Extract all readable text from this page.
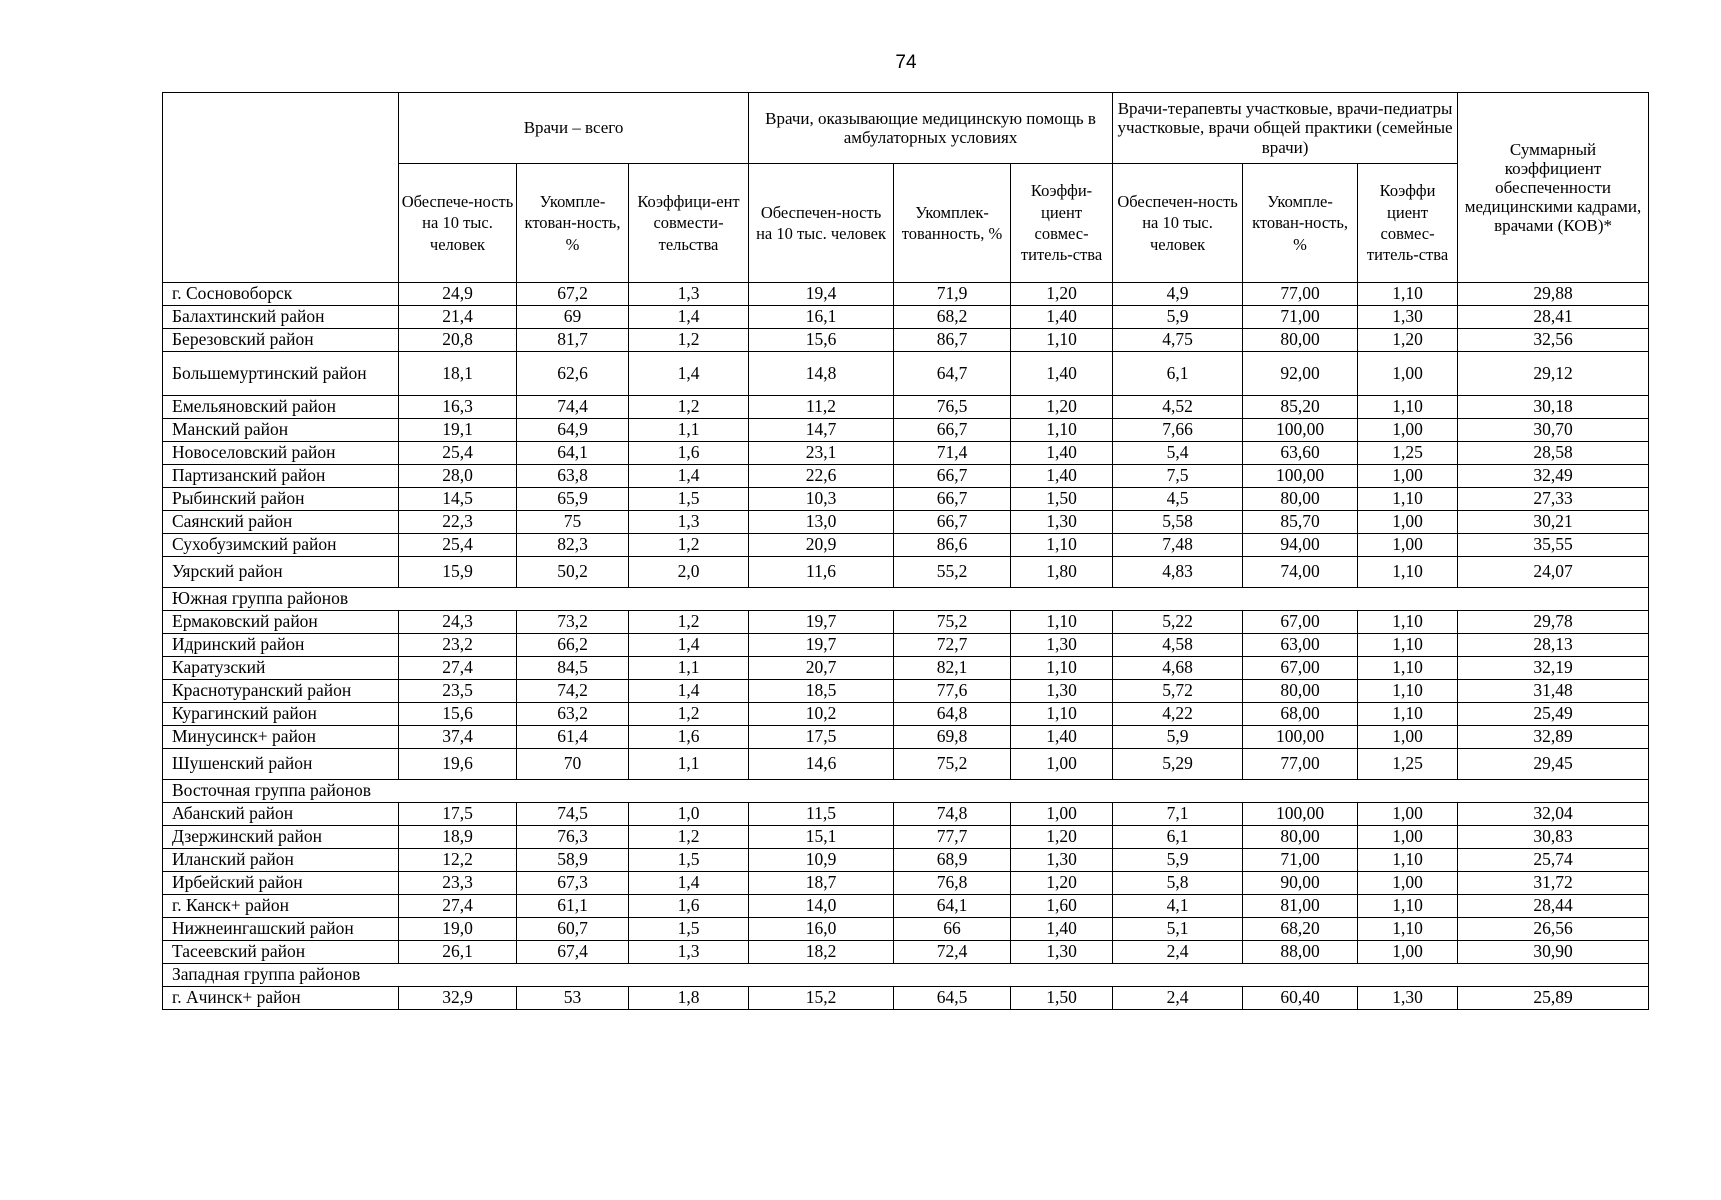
74
	Врачи – всего			Врачи, оказывающие медицинскую помощь в амбулаторных условиях			Врачи-терапевты участковые, врачи-педиатры участковые, врачи общей практики (семейные врачи)			Суммарный коэффициент обеспеченности медицинскими кадрами, врачами (КОВ)*
	Обеспече-ность на 10 тыс. человек	Укомпле-ктован-ность, %	Коэффици-ент совмести-тельства	Обеспечен-ность на 10 тыс. человек	Укомплек-тованность, %	Коэффи-циент совмес-титель-ства	Обеспечен-ность на 10 тыс. человек	Укомпле-ктован-ность, %	Коэффи циент совмес-титель-ства	
г. Сосновоборск	24,9	67,2	1,3	19,4	71,9	1,20	4,9	77,00	1,10	29,88
Балахтинский район	21,4	69	1,4	16,1	68,2	1,40	5,9	71,00	1,30	28,41
Березовский район	20,8	81,7	1,2	15,6	86,7	1,10	4,75	80,00	1,20	32,56
Большемуртинский район	18,1	62,6	1,4	14,8	64,7	1,40	6,1	92,00	1,00	29,12
Емельяновский район	16,3	74,4	1,2	11,2	76,5	1,20	4,52	85,20	1,10	30,18
Манский район	19,1	64,9	1,1	14,7	66,7	1,10	7,66	100,00	1,00	30,70
Новоселовский район	25,4	64,1	1,6	23,1	71,4	1,40	5,4	63,60	1,25	28,58
Партизанский район	28,0	63,8	1,4	22,6	66,7	1,40	7,5	100,00	1,00	32,49
Рыбинский район	14,5	65,9	1,5	10,3	66,7	1,50	4,5	80,00	1,10	27,33
Саянский район	22,3	75	1,3	13,0	66,7	1,30	5,58	85,70	1,00	30,21
Сухобузимский район	25,4	82,3	1,2	20,9	86,6	1,10	7,48	94,00	1,00	35,55
Уярский район	15,9	50,2	2,0	11,6	55,2	1,80	4,83	74,00	1,10	24,07
Южная группа районов										
Ермаковский район	24,3	73,2	1,2	19,7	75,2	1,10	5,22	67,00	1,10	29,78
Идринский район	23,2	66,2	1,4	19,7	72,7	1,30	4,58	63,00	1,10	28,13
Каратузский	27,4	84,5	1,1	20,7	82,1	1,10	4,68	67,00	1,10	32,19
Краснотуранский район	23,5	74,2	1,4	18,5	77,6	1,30	5,72	80,00	1,10	31,48
Курагинский район	15,6	63,2	1,2	10,2	64,8	1,10	4,22	68,00	1,10	25,49
Минусинск+ район	37,4	61,4	1,6	17,5	69,8	1,40	5,9	100,00	1,00	32,89
Шушенский район	19,6	70	1,1	14,6	75,2	1,00	5,29	77,00	1,25	29,45
Восточная группа районов										
Абанский район	17,5	74,5	1,0	11,5	74,8	1,00	7,1	100,00	1,00	32,04
Дзержинский район	18,9	76,3	1,2	15,1	77,7	1,20	6,1	80,00	1,00	30,83
Иланский район	12,2	58,9	1,5	10,9	68,9	1,30	5,9	71,00	1,10	25,74
Ирбейский район	23,3	67,3	1,4	18,7	76,8	1,20	5,8	90,00	1,00	31,72
г. Канск+ район	27,4	61,1	1,6	14,0	64,1	1,60	4,1	81,00	1,10	28,44
Нижнеингашский район	19,0	60,7	1,5	16,0	66	1,40	5,1	68,20	1,10	26,56
Тасеевский район	26,1	67,4	1,3	18,2	72,4	1,30	2,4	88,00	1,00	30,90
Западная группа районов										
г. Ачинск+ район	32,9	53	1,8	15,2	64,5	1,50	2,4	60,40	1,30	25,89
